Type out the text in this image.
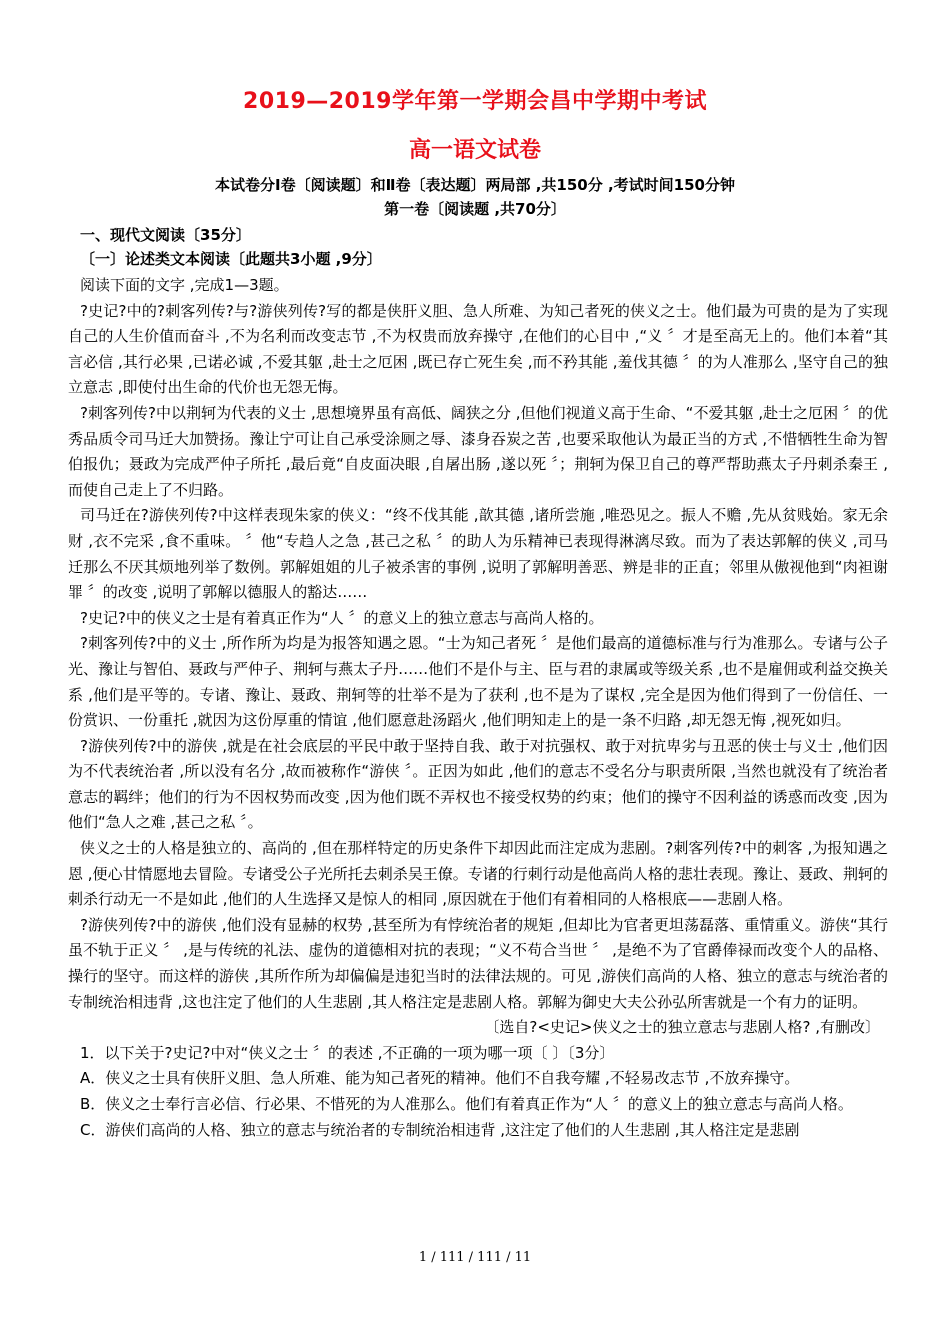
2019—2019学年第一学期会昌中学期中考试
高一语文试卷
本试卷分Ⅰ卷〔阅读题〕和Ⅱ卷〔表达题〕两局部 ,共150分 ,考试时间150分钟
第一卷〔阅读题 ,共70分〕
一、现代文阅读〔35分〕
〔一〕论述类文本阅读〔此题共3小题 ,9分〕

阅读下面的文字 ,完成1—3题。

?史记?中的?刺客列传?与?游侠列传?写的都是侠肝义胆、急人所难、为知己者死的侠义之士。他们最为可贵的是为了实现自己的人生价值而奋斗 ,不为名利而改变志节 ,不为权贵而放弃操守 ,在他们的心目中 ,“义 〞才是至高无上的。他们本着“其言必信 ,其行必果 ,已诺必诚 ,不爱其躯 ,赴士之厄困 ,既已存亡死生矣 ,而不矜其能 ,羞伐其德 〞的为人准那么 ,坚守自己的独立意志 ,即使付出生命的代价也无怨无悔。

?刺客列传?中以荆轲为代表的义士 ,思想境界虽有高低、阔狭之分 ,但他们视道义高于生命、“不爱其躯 ,赴士之厄困 〞的优秀品质令司马迁大加赞扬。豫让宁可让自己承受涂厕之辱、漆身吞炭之苦 ,也要采取他认为最正当的方式 ,不惜牺牲生命为智伯报仇；聂政为完成严仲子所托 ,最后竟“自皮面决眼 ,自屠出肠 ,遂以死 〞；荆轲为保卫自己的尊严帮助燕太子丹刺杀秦王 ,而使自己走上了不归路。

司马迁在?游侠列传?中这样表现朱家的侠义：“终不伐其能 ,歆其德 ,诸所尝施 ,唯恐见之。振人不赡 ,先从贫贱始。家无余财 ,衣不完采 ,食不重味。 〞他“专趋人之急 ,甚己之私 〞的助人为乐精神已表现得淋漓尽致。而为了表达郭解的侠义 ,司马迁那么不厌其烦地列举了数例。郭解姐姐的儿子被杀害的事例 ,说明了郭解明善恶、辨是非的正直；邻里从傲视他到“肉袒谢罪 〞的改变 ,说明了郭解以德服人的豁达……

?史记?中的侠义之士是有着真正作为“人 〞的意义上的独立意志与高尚人格的。

?刺客列传?中的义士 ,所作所为均是为报答知遇之恩。“士为知己者死 〞是他们最高的道德标准与行为准那么。专诸与公子光、豫让与智伯、聂政与严仲子、荆轲与燕太子丹……他们不是仆与主、臣与君的隶属或等级关系 ,也不是雇佣或利益交换关系 ,他们是平等的。专诸、豫让、聂政、荆轲等的壮举不是为了获利 ,也不是为了谋权 ,完全是因为他们得到了一份信任、一份赏识、一份重托 ,就因为这份厚重的情谊 ,他们愿意赴汤蹈火 ,他们明知走上的是一条不归路 ,却无怨无悔 ,视死如归。

?游侠列传?中的游侠 ,就是在社会底层的平民中敢于坚持自我、敢于对抗强权、敢于对抗卑劣与丑恶的侠士与义士 ,他们因为不代表统治者 ,所以没有名分 ,故而被称作“游侠 〞。正因为如此 ,他们的意志不受名分与职责所限 ,当然也就没有了统治者意志的羁绊；他们的行为不因权势而改变 ,因为他们既不弄权也不接受权势的约束；他们的操守不因利益的诱惑而改变 ,因为他们“急人之难 ,甚己之私 〞。

侠义之士的人格是独立的、高尚的 ,但在那样特定的历史条件下却因此而注定成为悲剧。?刺客列传?中的刺客 ,为报知遇之恩 ,便心甘情愿地去冒险。专诸受公子光所托去刺杀吴王僚。专诸的行刺行动是他高尚人格的悲壮表现。豫让、聂政、荆轲的刺杀行动无一不是如此 ,他们的人生选择又是惊人的相同 ,原因就在于他们有着相同的人格根底——悲剧人格。

?游侠列传?中的游侠 ,他们没有显赫的权势 ,甚至所为有悖统治者的规矩 ,但却比为官者更坦荡磊落、重情重义。游侠“其行虽不轨于正义 〞 ,是与传统的礼法、虚伪的道德相对抗的表现；“义不苟合当世 〞 ,是绝不为了官爵俸禄而改变个人的品格、操行的坚守。而这样的游侠 ,其所作所为却偏偏是违犯当时的法律法规的。可见 ,游侠们高尚的人格、独立的意志与统治者的专制统治相违背 ,这也注定了他们的人生悲剧 ,其人格注定是悲剧人格。郭解为御史大夫公孙弘所害就是一个有力的证明。

〔选自?<史记>侠义之士的独立意志与悲剧人格? ,有删改〕

1．以下关于?史记?中对“侠义之士 〞的表述 ,不正确的一项为哪一项〔 〕〔3分〕

A．侠义之士具有侠肝义胆、急人所难、能为知己者死的精神。他们不自我夸耀 ,不轻易改志节 ,不放弃操守。

B．侠义之士奉行言必信、行必果、不惜死的为人准那么。他们有着真正作为“人 〞的意义上的独立意志与高尚人格。

C．游侠们高尚的人格、独立的意志与统治者的专制统治相违背 ,这注定了他们的人生悲剧 ,其人格注定是悲剧

1 / 111 / 111 / 11
